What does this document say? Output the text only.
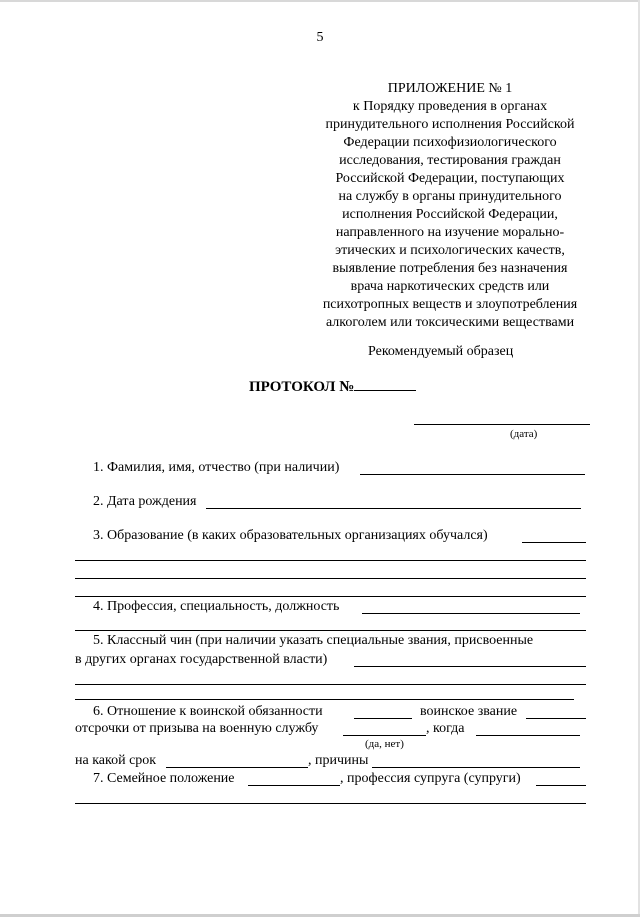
5
ПРИЛОЖЕНИЕ № 1
к Порядку проведения в органах
принудительного исполнения Российской
Федерации психофизиологического
исследования, тестирования граждан
Российской Федерации, поступающих
на службу в органы принудительного
исполнения Российской Федерации,
направленного на изучение морально-
этических и психологических качеств,
выявление потребления без назначения
врача наркотических средств или
психотропных веществ и злоупотребления
алкоголем или токсическими веществами
Рекомендуемый образец
ПРОТОКОЛ №
(дата)
1. Фамилия, имя, отчество (при наличии)
2. Дата рождения
3. Образование (в каких образовательных организациях обучался)
4. Профессия, специальность, должность
5. Классный чин (при наличии указать специальные звания, присвоенные
в других органах государственной власти)
6. Отношение к воинской обязанности	воинское звание
отсрочки от призыва на военную службу	, когда
(да, нет)
на какой срок	, причины
7. Семейное положение	, профессия супруга (супруги)
